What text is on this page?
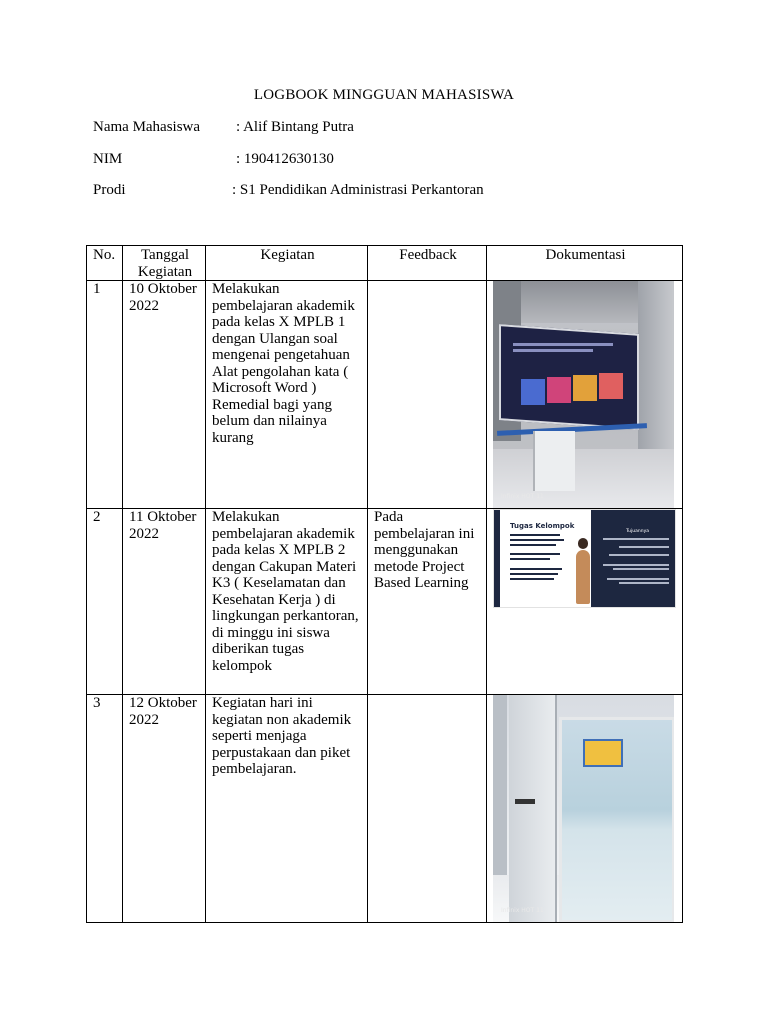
LOGBOOK MINGGUAN MAHASISWA
Nama Mahasiswa : Alif Bintang Putra
NIM	: 190412630130
Prodi	: S1 Pendidikan Administrasi Perkantoran
No.	Tanggal Kegiatan	Kegiatan	Feedback	Dokumentasi
1	10 Oktober 2022	Melakukan pembelajaran akademik pada kelas X MPLB 1 dengan Ulangan soal mengenai pengetahuan Alat pengolahan kata ( Microsoft Word ) Remedial bagi yang belum dan nilainya kurang		Infinix HOT 11

2	11 Oktober 2022	Melakukan pembelajaran akademik pada kelas X MPLB 2 dengan Cakupan Materi K3 ( Keselamatan dan Kesehatan Kerja ) di lingkungan perkantoran, di minggu ini siswa diberikan tugas kelompok	Pada pembelajaran ini menggunakan metode Project Based Learning	Tugas Kelompok
Tujuannya

3	12 Oktober 2022	Kegiatan hari ini kegiatan non akademik seperti menjaga perpustakaan dan piket pembelajaran.		Infinix HOT 11
